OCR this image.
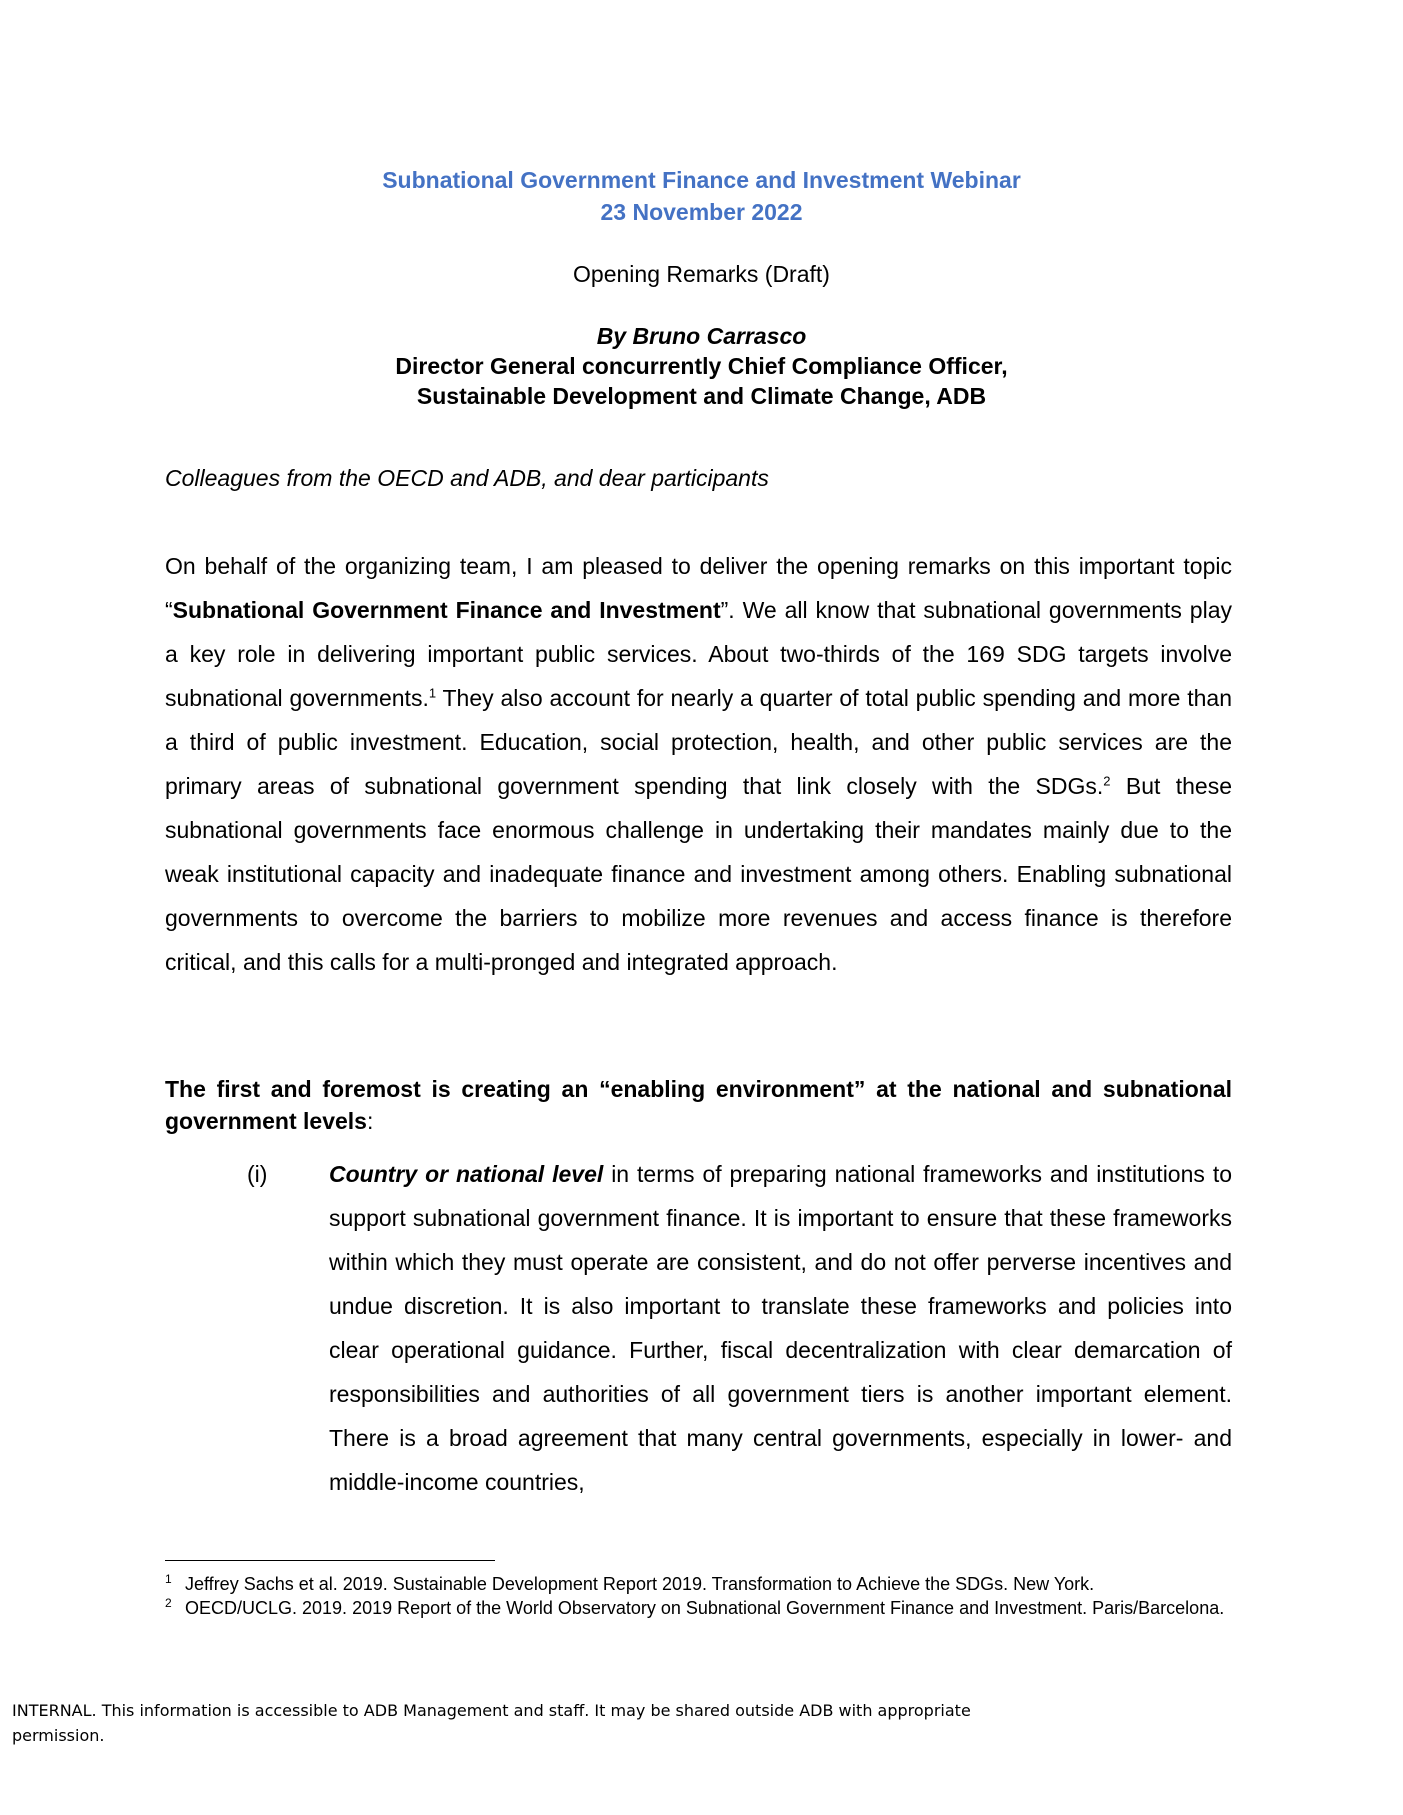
Subnational Government Finance and Investment Webinar
23 November 2022
Opening Remarks (Draft)
By Bruno Carrasco
Director General concurrently Chief Compliance Officer,
Sustainable Development and Climate Change, ADB
Colleagues from the OECD and ADB, and dear participants
On behalf of the organizing team, I am pleased to deliver the opening remarks on this important topic “Subnational Government Finance and Investment”. We all know that subnational governments play a key role in delivering important public services. About two-thirds of the 169 SDG targets involve subnational governments.$^1$ They also account for nearly a quarter of total public spending and more than a third of public investment. Education, social protection, health, and other public services are the primary areas of subnational government spending that link closely with the SDGs.$^2$ But these subnational governments face enormous challenge in undertaking their mandates mainly due to the weak institutional capacity and inadequate finance and investment among others. Enabling subnational governments to overcome the barriers to mobilize more revenues and access finance is therefore critical, and this calls for a multi-pronged and integrated approach.
The first and foremost is creating an “enabling environment” at the national and subnational government levels:
(i)	Country or national level in terms of preparing national frameworks and institutions to support subnational government finance. It is important to ensure that these frameworks within which they must operate are consistent, and do not offer perverse incentives and undue discretion. It is also important to translate these frameworks and policies into clear operational guidance. Further, fiscal decentralization with clear demarcation of responsibilities and authorities of all government tiers is another important element. There is a broad agreement that many central governments, especially in lower- and middle-income countries,
1 Jeffrey Sachs et al. 2019. Sustainable Development Report 2019. Transformation to Achieve the SDGs. New York.
2 OECD/UCLG. 2019. 2019 Report of the World Observatory on Subnational Government Finance and Investment. Paris/Barcelona.
INTERNAL. This information is accessible to ADB Management and staff. It may be shared outside ADB with appropriate permission.
